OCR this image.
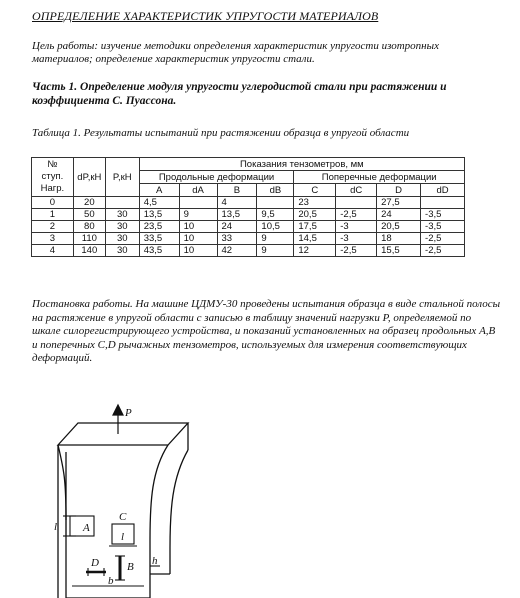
ОПРЕДЕЛЕНИЕ ХАРАКТЕРИСТИК УПРУГОСТИ МАТЕРИАЛОВ
Цель работы: изучение методики определения характеристик упругости изотропных материалов; определение характеристик упругости стали.
Часть 1. Определение модуля упругости углеродистой стали при растяжении и коэффициента С. Пуассона.
Таблица 1. Результаты испытаний при растяжении образца в упругой области
№
ступ.
Нагр.	dP,кН	P,кН	Показания тензометров, мм							
			Продольные деформации				Поперечные деформации			
			A	dA	B	dB	C	dC	D	dD
0	20		4,5		4		23		27,5	
1	50	30	13,5	9	13,5	9,5	20,5	-2,5	24	-3,5
2	80	30	23,5	10	24	10,5	17,5	-3	20,5	-3,5
3	110	30	33,5	10	33	9	14,5	-3	18	-2,5
4	140	30	43,5	10	42	9	12	-2,5	15,5	-2,5
Постановка работы. На машине ЦДМУ-30 проведены испытания образца в виде стальной полосы на растяжение в упругой области с записью в таблицу значений нагрузки P, определяемой по шкале силорегистрирующего устройства, и показаний установленных на образец продольных A,B и поперечных C,D рычажных тензометров, используемых для измерения соответствующих деформаций.
P
A
l
C
l
D	B
b
h
